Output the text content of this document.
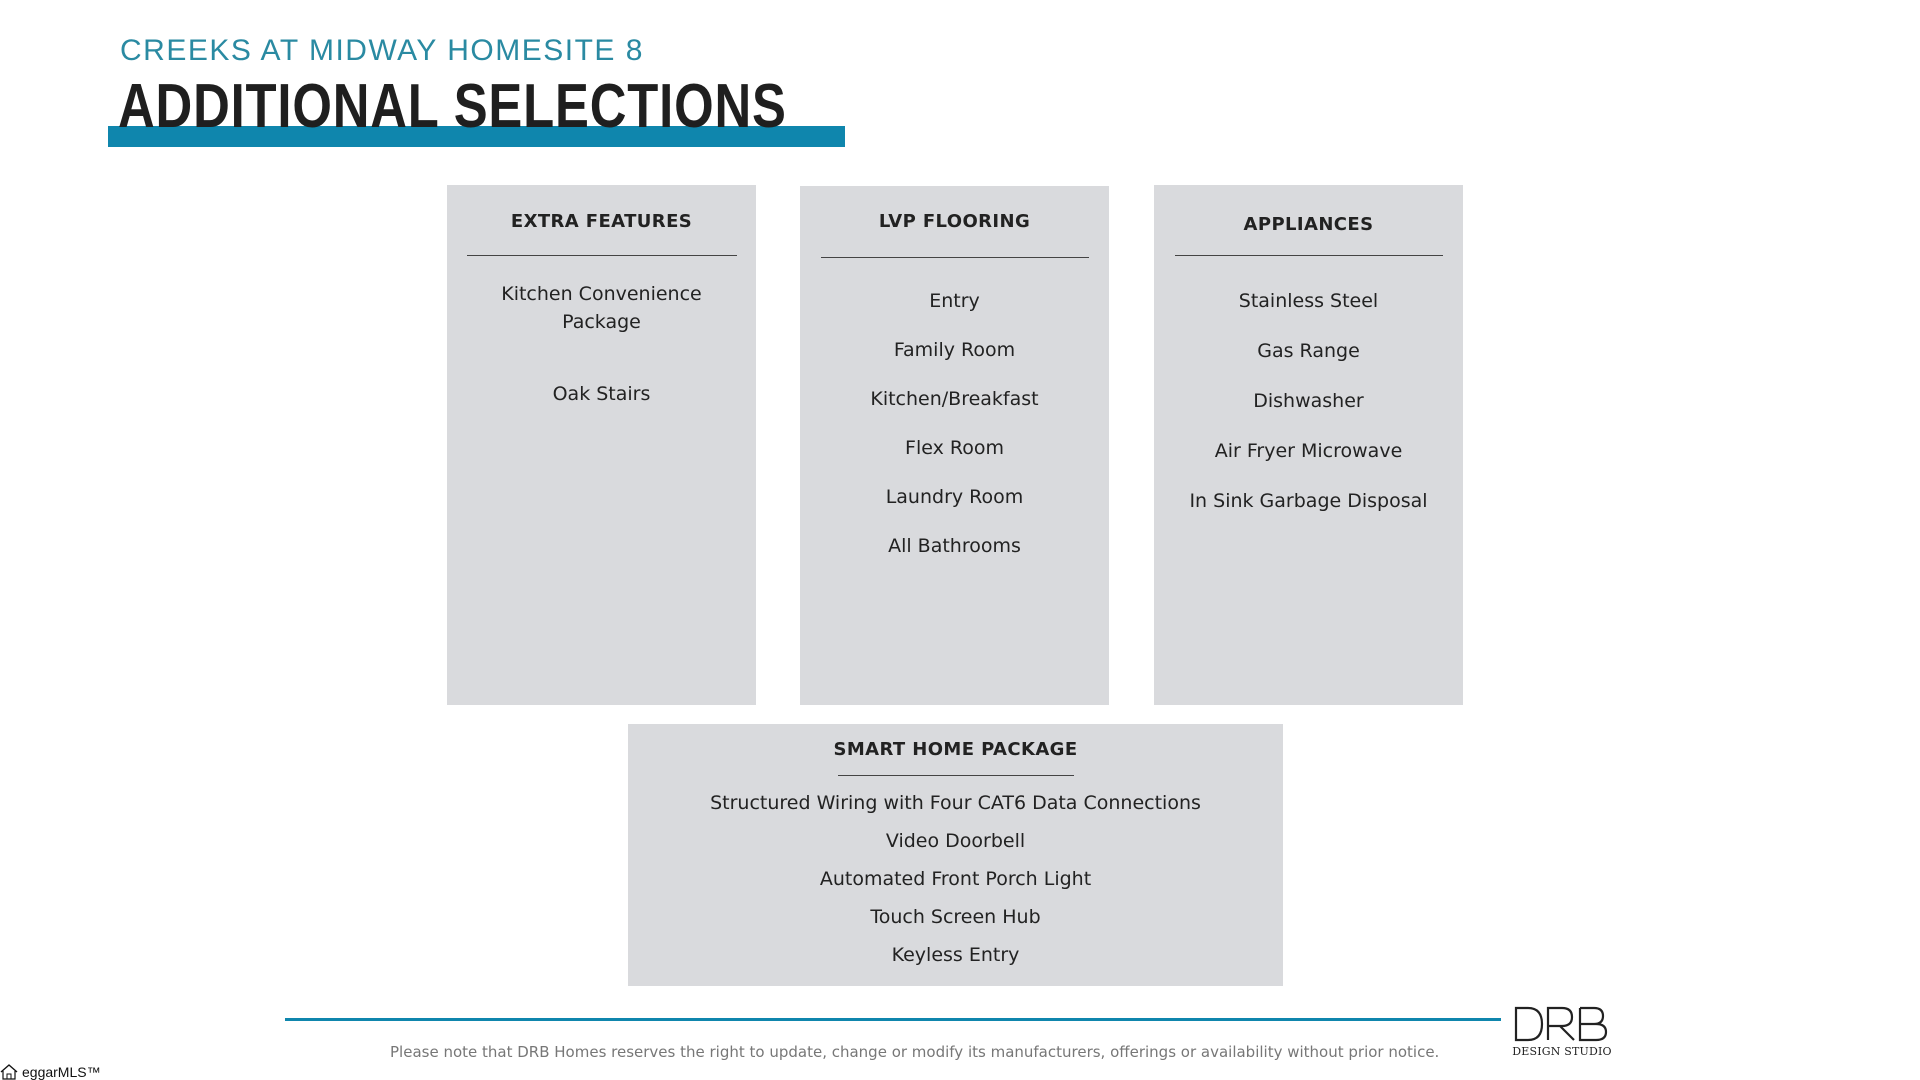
CREEKS AT MIDWAY HOMESITE 8
ADDITIONAL SELECTIONS
EXTRA FEATURES
Kitchen Convenience Package
Oak Stairs
LVP FLOORING
Entry
Family Room
Kitchen/Breakfast
Flex Room
Laundry Room
All Bathrooms
APPLIANCES
Stainless Steel
Gas Range
Dishwasher
Air Fryer Microwave
In Sink Garbage Disposal
SMART HOME PACKAGE
Structured Wiring with Four CAT6 Data Connections
Video Doorbell
Automated Front Porch Light
Touch Screen Hub
Keyless Entry
Please note that DRB Homes reserves the right to update, change or modify its manufacturers, offerings or availability without prior notice.	DESIGN STUDIO
eggarMLS™
